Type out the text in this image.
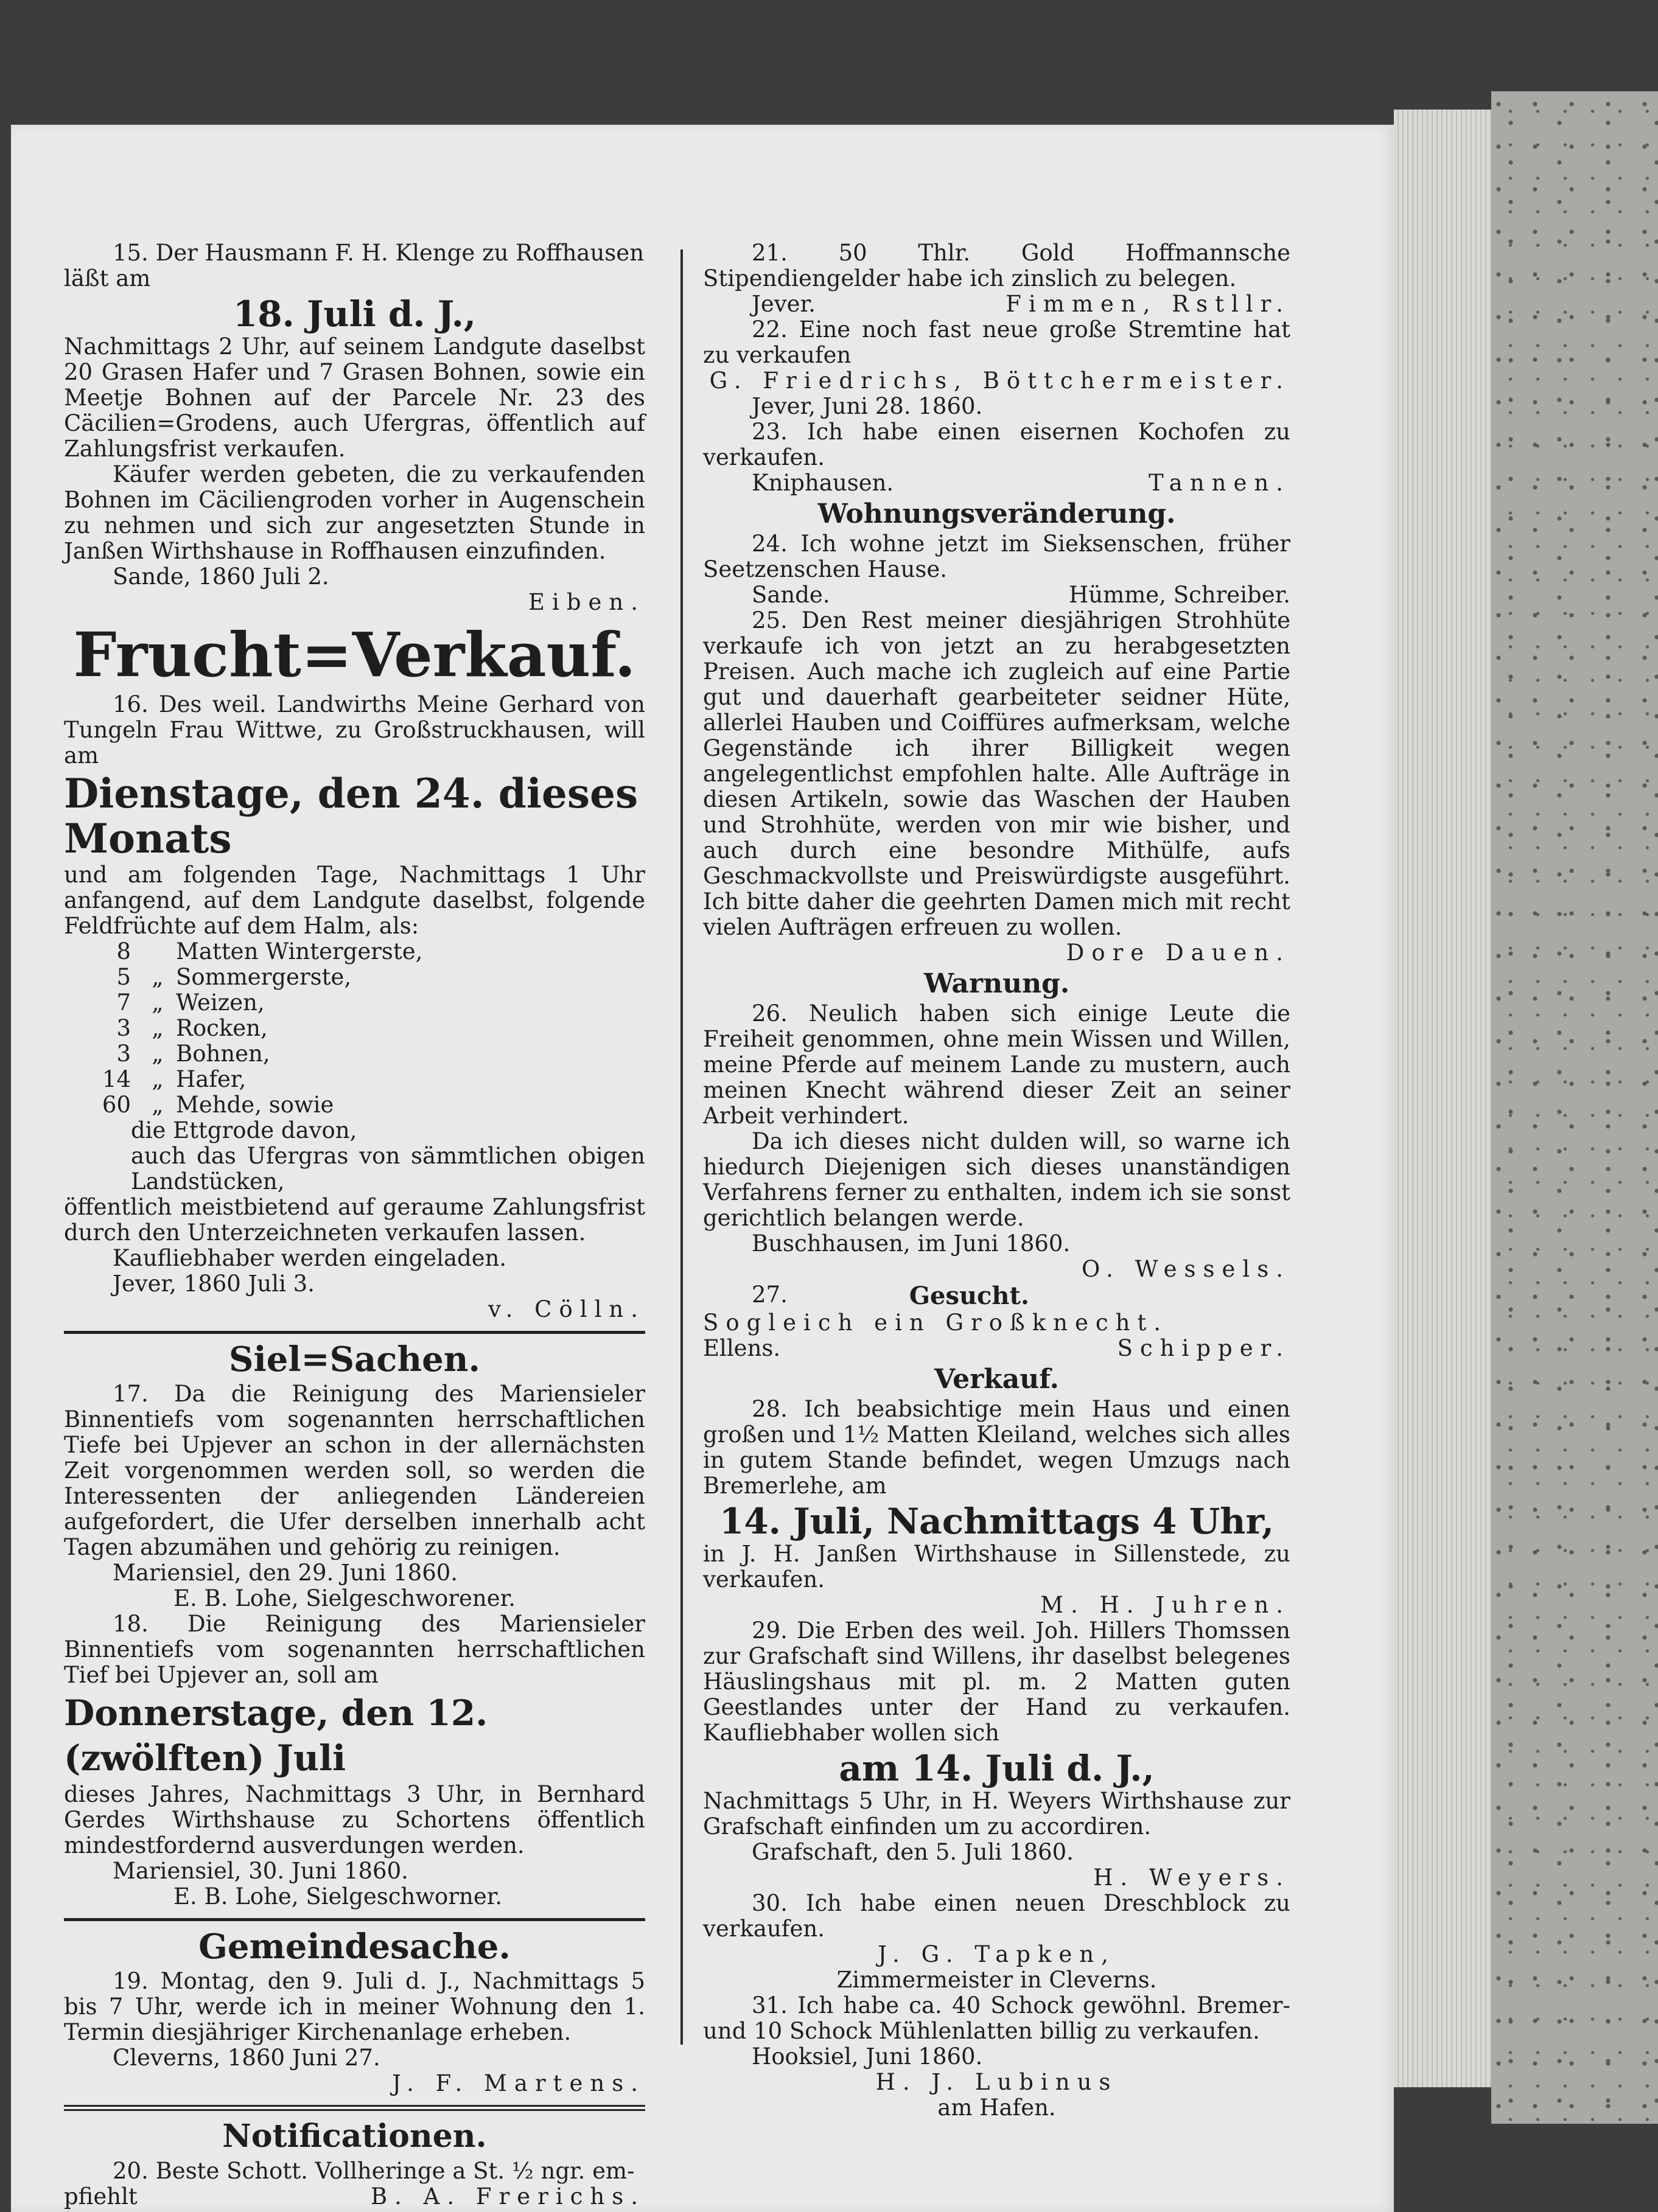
15. Der Hausmann F. H. Klenge zu Roffhausen

läßt am

18. Juli d. J.,

Nachmittags 2 Uhr, auf seinem Landgute daselbst 20 Grasen Hafer und 7 Grasen Bohnen, sowie ein Meetje Bohnen auf der Parcele Nr. 23 des Cäcilien=Grodens, auch Ufergras, öffentlich auf Zahlungsfrist verkaufen.

Käufer werden gebeten, die zu verkaufenden Bohnen im Cäciliengroden vorher in Augenschein zu nehmen und sich zur angesetzten Stunde in Janßen Wirthshause in Roffhausen einzufinden.

Sande, 1860 Juli 2.

Eiben.

Frucht=Verkauf.

16. Des weil. Landwirths Meine Gerhard von Tungeln Frau Wittwe, zu Großstruckhausen, will am

Dienstage, den 24. dieses Monats

und am folgenden Tage, Nachmittags 1 Uhr anfangend, auf dem Landgute daselbst, folgende Feldfrüchte auf dem Halm, als:

8	Matten Wintergerste,
5 „ Sommergerste,
7 „ Weizen,
3 „ Rocken,
3 „ Bohnen,
14 „ Hafer,
60 „ Mehde, sowie

die Ettgrode davon,

auch das Ufergras von sämmtlichen obigen Landstücken,

öffentlich meistbietend auf geraume Zahlungsfrist durch den Unterzeichneten verkaufen lassen.

Kaufliebhaber werden eingeladen.

Jever, 1860 Juli 3.

v. Cölln.

Siel=Sachen.

17. Da die Reinigung des Mariensieler Binnentiefs vom sogenannten herrschaftlichen Tiefe bei Upjever an schon in der allernächsten Zeit vorgenommen werden soll, so werden die Interessenten der anliegenden Ländereien aufgefordert, die Ufer derselben innerhalb acht Tagen abzumähen und gehörig zu reinigen.

Mariensiel, den 29. Juni 1860.

E. B. Lohe, Sielgeschworener.

18. Die Reinigung des Mariensieler Binnentiefs vom sogenannten herrschaftlichen Tief bei Upjever an, soll am

Donnerstage, den 12. (zwölften) Juli

dieses Jahres, Nachmittags 3 Uhr, in Bernhard Gerdes Wirthshause zu Schortens öffentlich mindestfordernd ausverdungen werden.

Mariensiel, 30. Juni 1860.

E. B. Lohe, Sielgeschworner.

Gemeindesache.

19. Montag, den 9. Juli d. J., Nachmittags 5 bis 7 Uhr, werde ich in meiner Wohnung den 1. Termin diesjähriger Kirchenanlage erheben.

Cleverns, 1860 Juni 27.

J. F. Martens.

Notificationen.

20. Beste Schott. Vollheringe a St. ½ ngr. em-

pfiehlt	B. A. Frerichs.

21. 50 Thlr. Gold Hoffmannsche Stipendiengelder habe ich zinslich zu belegen.

Jever.	Fimmen, Rstllr.

22. Eine noch fast neue große Stremtine hat zu verkaufen

G. Friedrichs, Böttchermeister.

Jever, Juni 28. 1860.

23. Ich habe einen eisernen Kochofen zu verkaufen.

Kniphausen.	Tannen.

Wohnungsveränderung.

24. Ich wohne jetzt im Sieksenschen, früher Seetzenschen Hause.

Sande.	Hümme, Schreiber.

25. Den Rest meiner diesjährigen Strohhüte verkaufe ich von jetzt an zu herabgesetzten Preisen. Auch mache ich zugleich auf eine Partie gut und dauerhaft gearbeiteter seidner Hüte, allerlei Hauben und Coiffüres aufmerksam, welche Gegenstände ich ihrer Billigkeit wegen angelegentlichst empfohlen halte. Alle Aufträge in diesen Artikeln, sowie das Waschen der Hauben und Strohhüte, werden von mir wie bisher, und auch durch eine besondre Mithülfe, aufs Geschmackvollste und Preiswürdigste ausgeführt. Ich bitte daher die geehrten Damen mich mit recht vielen Aufträgen erfreuen zu wollen.

Dore Dauen.

Warnung.

26. Neulich haben sich einige Leute die Freiheit genommen, ohne mein Wissen und Willen, meine Pferde auf meinem Lande zu mustern, auch meinen Knecht während dieser Zeit an seiner Arbeit verhindert.

Da ich dieses nicht dulden will, so warne ich hiedurch Diejenigen sich dieses unanständigen Verfahrens ferner zu enthalten, indem ich sie sonst gerichtlich belangen werde.

Buschhausen, im Juni 1860.

O. Wessels.

27.	Gesucht.

Sogleich ein Großknecht.

Ellens.	Schipper.

Verkauf.

28. Ich beabsichtige mein Haus und einen großen und 1½ Matten Kleiland, welches sich alles in gutem Stande befindet, wegen Umzugs nach Bremerlehe, am

14. Juli, Nachmittags 4 Uhr,

in J. H. Janßen Wirthshause in Sillenstede, zu verkaufen.

M. H. Juhren.

29. Die Erben des weil. Joh. Hillers Thomssen zur Grafschaft sind Willens, ihr daselbst belegenes Häuslingshaus mit pl. m. 2 Matten guten Geestlandes unter der Hand zu verkaufen. Kaufliebhaber wollen sich

am 14. Juli d. J.,

Nachmittags 5 Uhr, in H. Weyers Wirthshause zur Grafschaft einfinden um zu accordiren.

Grafschaft, den 5. Juli 1860.

H. Weyers.

30. Ich habe einen neuen Dreschblock zu verkaufen.

J. G. Tapken,

Zimmermeister in Cleverns.

31. Ich habe ca. 40 Schock gewöhnl. Bremer- und 10 Schock Mühlenlatten billig zu verkaufen.

Hooksiel, Juni 1860.

H. J. Lubinus

am Hafen.
